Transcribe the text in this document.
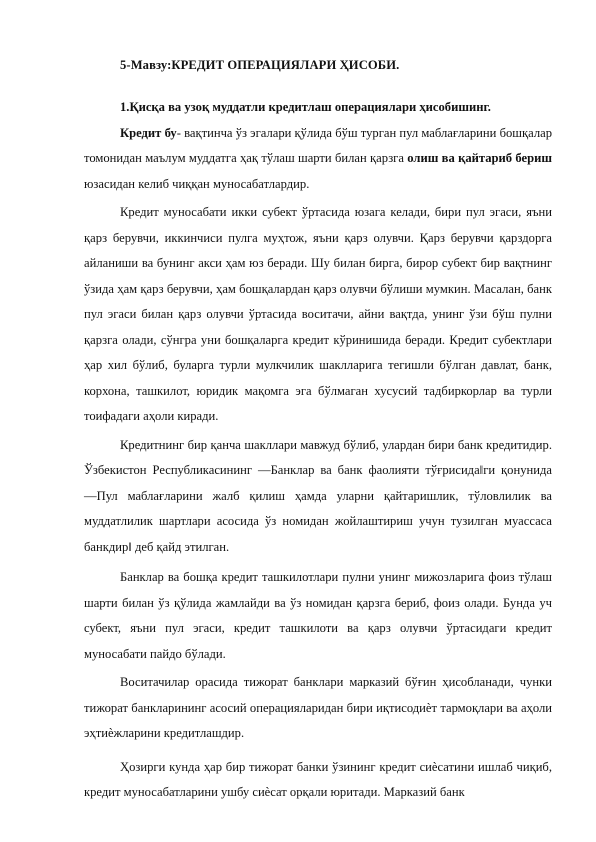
5-Мавзу:КРЕДИТ ОПЕРАЦИЯЛАРИ ҲИСОБИ.

1.Қисқа ва узоқ муддатли кредитлаш операциялари ҳисобишинг.

Кредит бу- вақтинча ўз эгалари қўлида бўш турган пул маблағларини бошқалар томонидан маълум муддатга ҳақ тўлаш шарти билан қарзга олиш ва қайтариб бериш юзасидан келиб чиққан муносабатлардир.

Кредит муносабати икки субект ўртасида юзага келади, бири пул эгаси, яъни қарз берувчи, иккинчиси пулга муҳтож, яъни қарз олувчи. Қарз берувчи қарздорга айланиши ва бунинг акси ҳам юз беради. Шу билан бирга, бирор субект бир вақтнинг ўзида ҳам қарз берувчи, ҳам бошқалардан қарз олувчи бўлиши мумкин. Масалан, банк пул эгаси билан қарз олувчи ўртасида воситачи, айни вақтда, унинг ўзи бўш пулни қарзга олади, сўнгра уни бошқаларга кредит кўринишида беради. Кредит субектлари ҳар хил бўлиб, буларга турли мулкчилик шаклларига тегишли бўлган давлат, банк, корхона, ташкилот, юридик мақомга эга бўлмаган хусусий тадбиркорлар ва турли тоифадаги аҳоли киради.

Кредитнинг бир қанча шакллари мавжуд бўлиб, улардан бири банк кредитидир. Ўзбекистон Республикасининг ―Банклар ва банк фаолияти тўғрисидаǁги қонунида ―Пул маблағларини жалб қилиш ҳамда уларни қайтаришлик, тўловлилик ва муддатлилик шартлари асосида ўз номидан жойлаштириш учун тузилган муассаса банкдирǁ деб қайд этилган.

Банклар ва бошқа кредит ташкилотлари пулни унинг мижозларига фоиз тўлаш шарти билан ўз қўлида жамлайди ва ўз номидан қарзга бериб, фоиз олади. Бунда уч субект, яъни пул эгаси, кредит ташкилоти ва қарз олувчи ўртасидаги кредит муносабати пайдо бўлади.

Воситачилар орасида тижорат банклари марказий бўғин ҳисобланади, чунки тижорат банкларининг асосий операцияларидан бири иқтисодиѐт тармоқлари ва аҳоли эҳтиѐжларини кредитлашдир.

Ҳозирги кунда ҳар бир тижорат банки ўзининг кредит сиѐсатини ишлаб чиқиб, кредит муносабатларини ушбу сиѐсат орқали юритади. Марказий банк
